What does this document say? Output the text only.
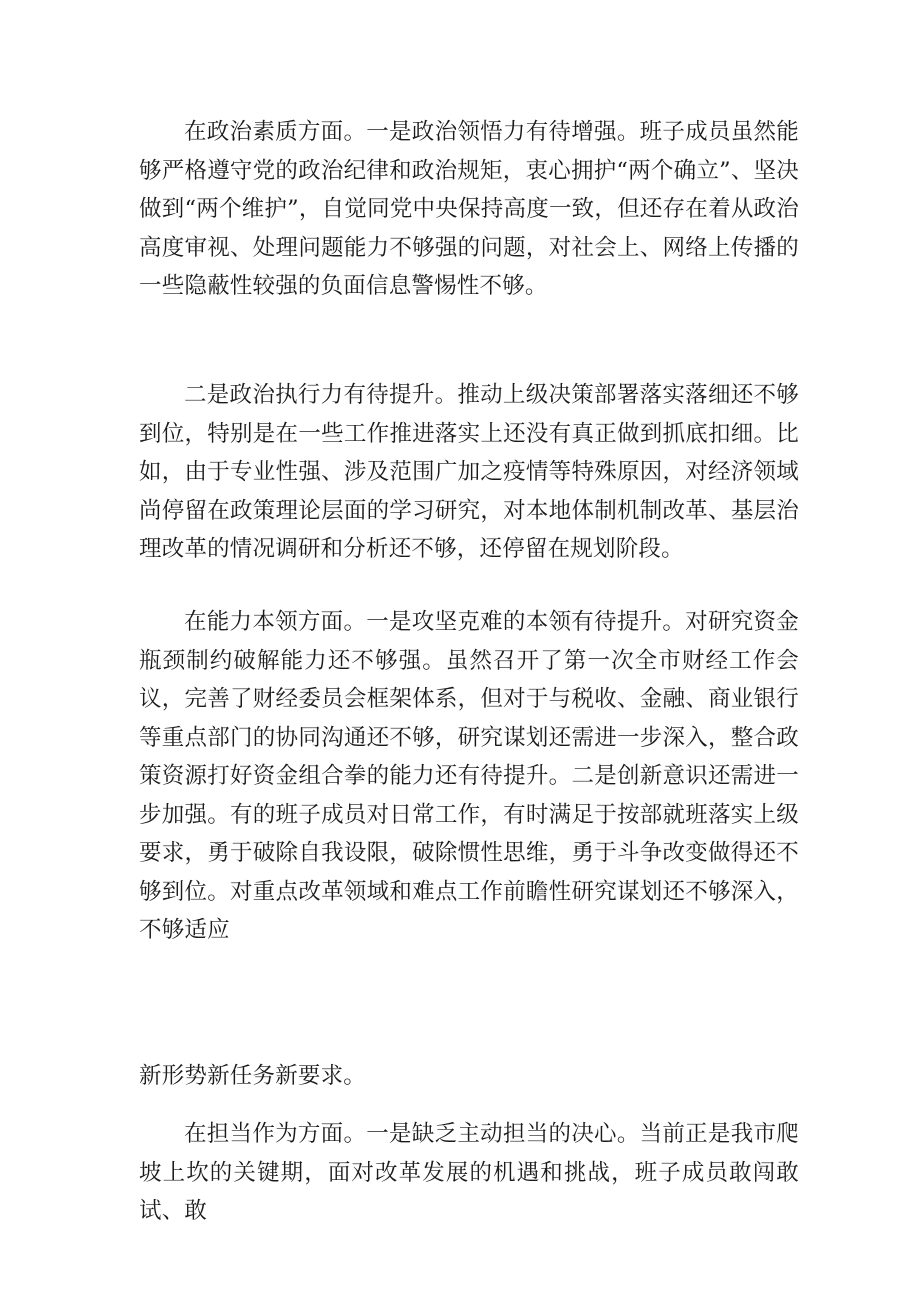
在政治素质方面。一是政治领悟力有待增强。班子成员虽然能够严格遵守党的政治纪律和政治规矩，衷心拥护“两个确立”、坚决做到“两个维护”，自觉同党中央保持高度一致，但还存在着从政治高度审视、处理问题能力不够强的问题，对社会上、网络上传播的一些隐蔽性较强的负面信息警惕性不够。

二是政治执行力有待提升。推动上级决策部署落实落细还不够到位，特别是在一些工作推进落实上还没有真正做到抓底扣细。比如，由于专业性强、涉及范围广加之疫情等特殊原因，对经济领域尚停留在政策理论层面的学习研究，对本地体制机制改革、基层治理改革的情况调研和分析还不够，还停留在规划阶段。

在能力本领方面。一是攻坚克难的本领有待提升。对研究资金瓶颈制约破解能力还不够强。虽然召开了第一次全市财经工作会议，完善了财经委员会框架体系，但对于与税收、金融、商业银行等重点部门的协同沟通还不够，研究谋划还需进一步深入，整合政策资源打好资金组合拳的能力还有待提升。二是创新意识还需进一步加强。有的班子成员对日常工作，有时满足于按部就班落实上级要求，勇于破除自我设限，破除惯性思维，勇于斗争改变做得还不够到位。对重点改革领域和难点工作前瞻性研究谋划还不够深入，不够适应

新形势新任务新要求。

在担当作为方面。一是缺乏主动担当的决心。当前正是我市爬坡上坎的关键期，面对改革发展的机遇和挑战，班子成员敢闯敢试、敢
